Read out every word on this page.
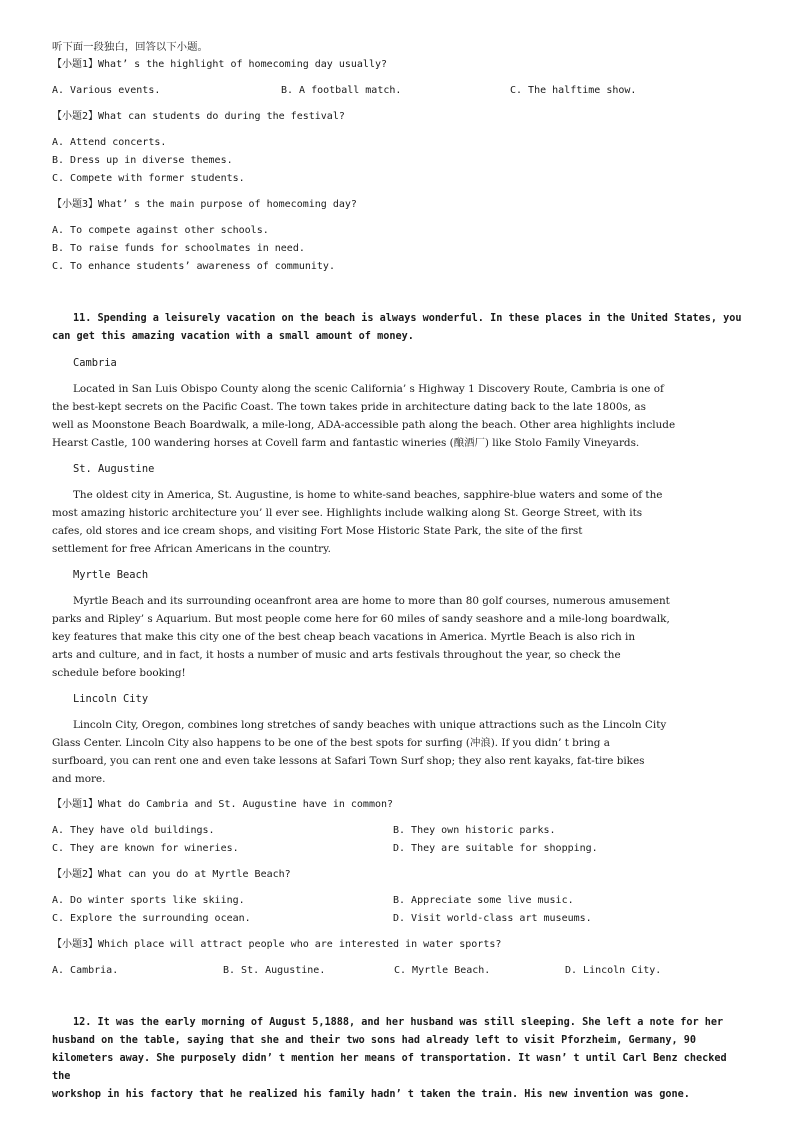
听下面一段独白，回答以下小题。
【小题1】What’ s the highlight of homecoming day usually?
A. Various events.	B. A football match.	C. The halftime show.
【小题2】What can students do during the festival?
A. Attend concerts.
B. Dress up in diverse themes.
C. Compete with former students.
【小题3】What’ s the main purpose of homecoming day?
A. To compete against other schools.
B. To raise funds for schoolmates in need.
C. To enhance students’ awareness of community.
11. Spending a leisurely vacation on the beach is always wonderful. In these places in the United States, you
can get this amazing vacation with a small amount of money.
Cambria
Located in San Luis Obispo County along the scenic California’ s Highway 1 Discovery Route, Cambria is one of
the best-kept secrets on the Pacific Coast. The town takes pride in architecture dating back to the late 1800s, as
well as Moonstone Beach Boardwalk, a mile-long, ADA-accessible path along the beach. Other area highlights include
Hearst Castle, 100 wandering horses at Covell farm and fantastic wineries (酿酒厂) like Stolo Family Vineyards.
St. Augustine
The oldest city in America, St. Augustine, is home to white-sand beaches, sapphire-blue waters and some of the
most amazing historic architecture you’ ll ever see. Highlights include walking along St. George Street, with its
cafes, old stores and ice cream shops, and visiting Fort Mose Historic State Park, the site of the first
settlement for free African Americans in the country.
Myrtle Beach
Myrtle Beach and its surrounding oceanfront area are home to more than 80 golf courses, numerous amusement
parks and Ripley’ s Aquarium. But most people come here for 60 miles of sandy seashore and a mile-long boardwalk,
key features that make this city one of the best cheap beach vacations in America. Myrtle Beach is also rich in
arts and culture, and in fact, it hosts a number of music and arts festivals throughout the year, so check the
schedule before booking!
Lincoln City
Lincoln City, Oregon, combines long stretches of sandy beaches with unique attractions such as the Lincoln City
Glass Center. Lincoln City also happens to be one of the best spots for surfing (冲浪). If you didn’ t bring a
surfboard, you can rent one and even take lessons at Safari Town Surf shop; they also rent kayaks, fat-tire bikes
and more.
【小题1】What do Cambria and St. Augustine have in common?
A. They have old buildings.	B. They own historic parks.
C. They are known for wineries.	D. They are suitable for shopping.
【小题2】What can you do at Myrtle Beach?
A. Do winter sports like skiing.	B. Appreciate some live music.
C. Explore the surrounding ocean.	D. Visit world-class art museums.
【小题3】Which place will attract people who are interested in water sports?
A. Cambria.	B. St. Augustine.	C. Myrtle Beach.	D. Lincoln City.
12. It was the early morning of August 5,1888, and her husband was still sleeping. She left a note for her
husband on the table, saying that she and their two sons had already left to visit Pforzheim, Germany, 90
kilometers away. She purposely didn’ t mention her means of transportation. It wasn’ t until Carl Benz checked the
workshop in his factory that he realized his family hadn’ t taken the train. His new invention was gone.
